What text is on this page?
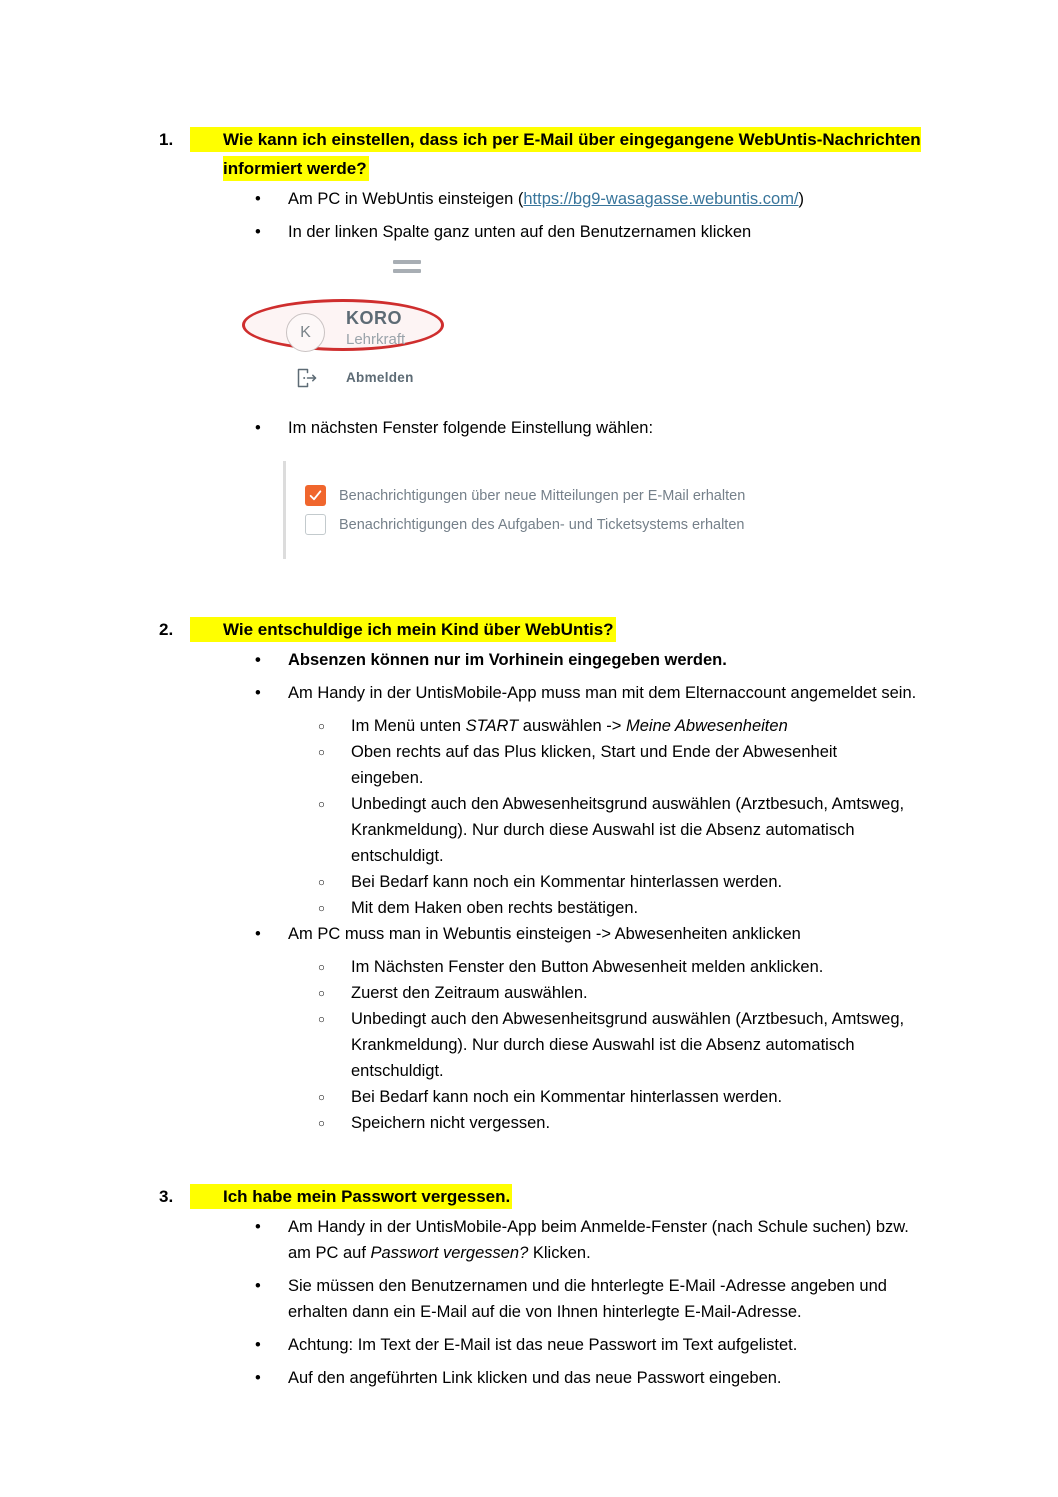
1.	Wie kann ich einstellen, dass ich per E-Mail über eingegangene WebUntis-Nachrichten informiert werde?
• Am PC in WebUntis einsteigen (https://bg9-wasagasse.webuntis.com/)
• In der linken Spalte ganz unten auf den Benutzernamen klicken
K
KORO
Lehrkraft
Abmelden
• Im nächsten Fenster folgende Einstellung wählen:
Benachrichtigungen über neue Mitteilungen per E-Mail erhalten
Benachrichtigungen des Aufgaben- und Ticketsystems erhalten
2.	Wie entschuldige ich mein Kind über WebUntis?
• Absenzen können nur im Vorhinein eingegeben werden.
• Am Handy in der UntisMobile-App muss man mit dem Elternaccount angemeldet sein.
○ Im Menü unten START auswählen -> Meine Abwesenheiten
○ Oben rechts auf das Plus klicken, Start und Ende der Abwesenheit eingeben.
○ Unbedingt auch den Abwesenheitsgrund auswählen (Arztbesuch, Amtsweg, Krankmeldung). Nur durch diese Auswahl ist die Absenz automatisch entschuldigt.
○ Bei Bedarf kann noch ein Kommentar hinterlassen werden.
○ Mit dem Haken oben rechts bestätigen.
• Am PC muss man in Webuntis einsteigen -> Abwesenheiten anklicken
○ Im Nächsten Fenster den Button Abwesenheit melden anklicken.
○ Zuerst den Zeitraum auswählen.
○ Unbedingt auch den Abwesenheitsgrund auswählen (Arztbesuch, Amtsweg, Krankmeldung). Nur durch diese Auswahl ist die Absenz automatisch entschuldigt.
○ Bei Bedarf kann noch ein Kommentar hinterlassen werden.
○ Speichern nicht vergessen.
3.	Ich habe mein Passwort vergessen.
• Am Handy in der UntisMobile-App beim Anmelde-Fenster (nach Schule suchen) bzw. am PC auf Passwort vergessen? Klicken.
• Sie müssen den Benutzernamen und die hnterlegte E-Mail -Adresse angeben und erhalten dann ein E-Mail auf die von Ihnen hinterlegte E-Mail-Adresse.
• Achtung: Im Text der E-Mail ist das neue Passwort im Text aufgelistet.
• Auf den angeführten Link klicken und das neue Passwort eingeben.
